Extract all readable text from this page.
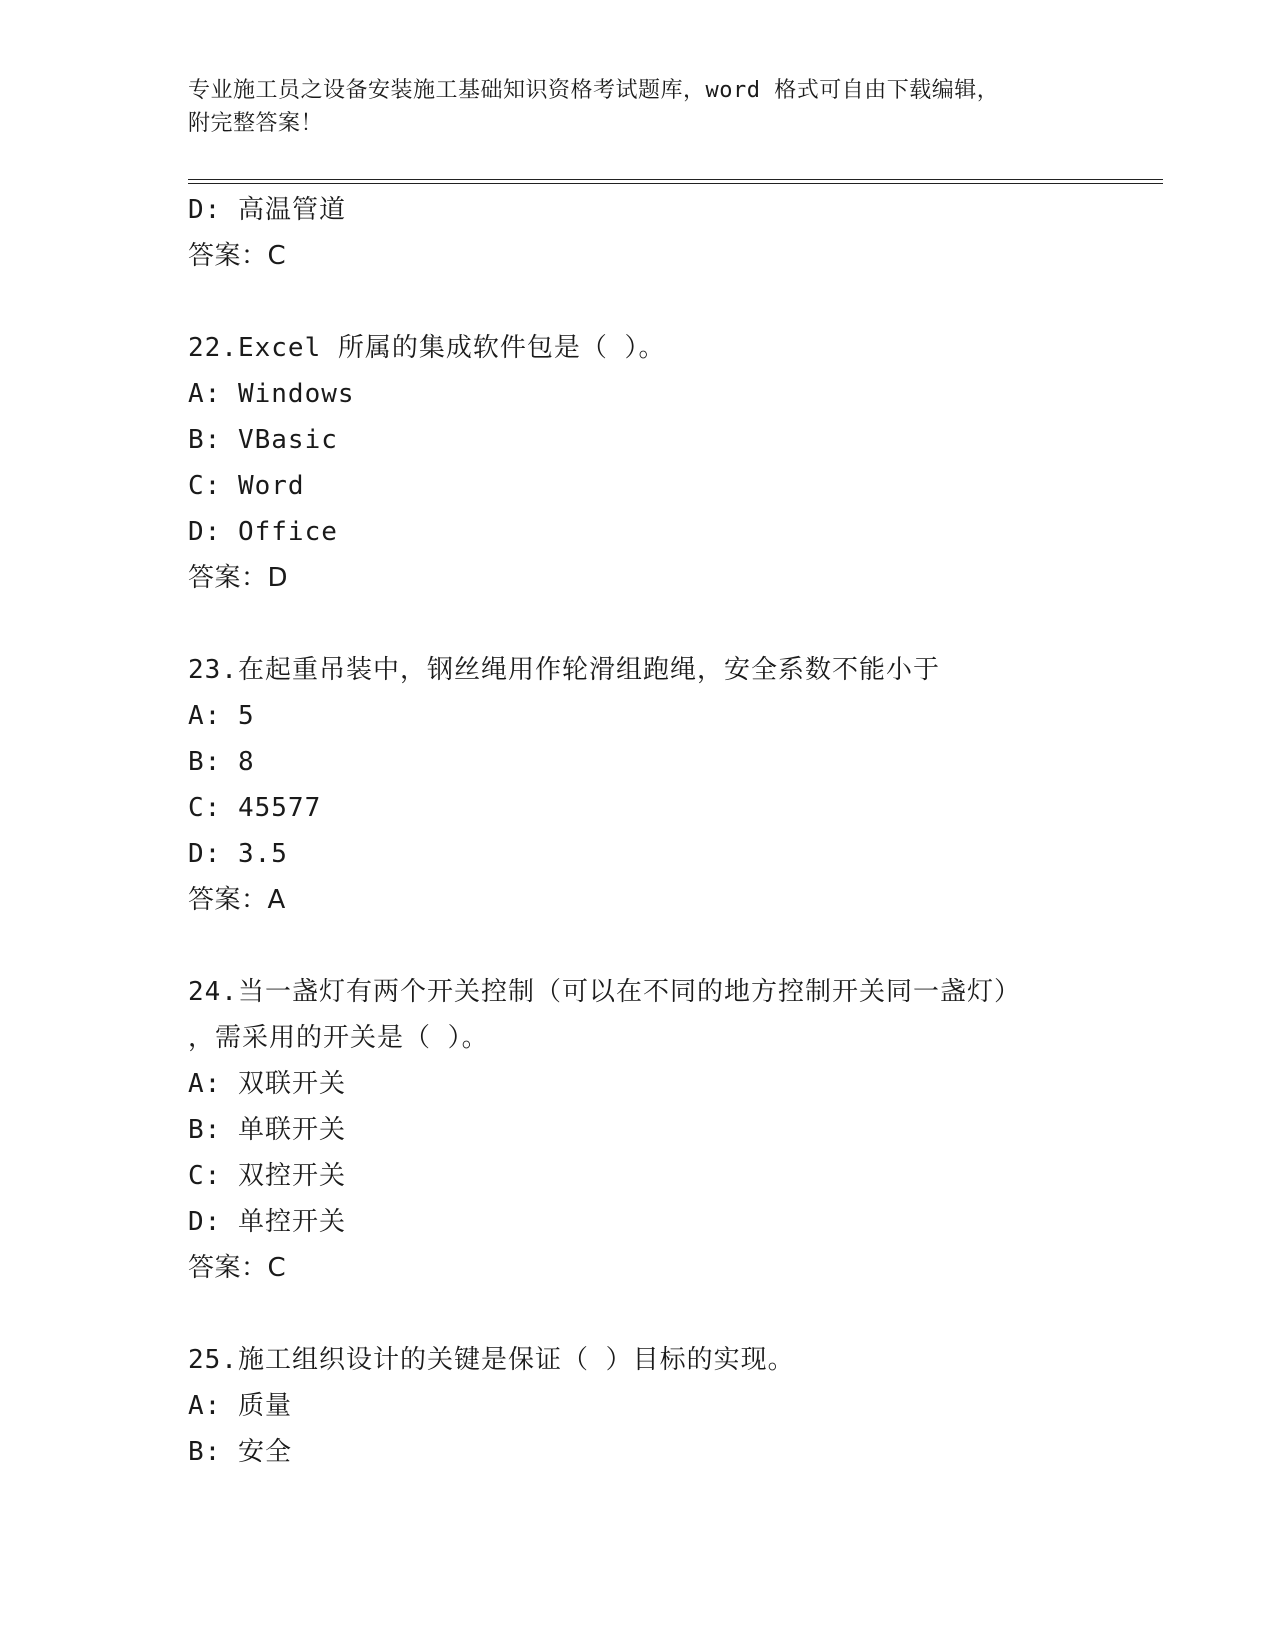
专业施工员之设备安装施工基础知识资格考试题库，word 格式可自由下载编辑，
附完整答案！
D: 高温管道
答案：C
22.Excel 所属的集成软件包是（ ）。
A: Windows
B: VBasic
C: Word
D: Office
答案：D
23.在起重吊装中，钢丝绳用作轮滑组跑绳，安全系数不能小于
A: 5
B: 8
C: 45577
D: 3.5
答案：A
24.当一盏灯有两个开关控制（可以在不同的地方控制开关同一盏灯）
，需采用的开关是（ ）。
A: 双联开关
B: 单联开关
C: 双控开关
D: 单控开关
答案：C
25.施工组织设计的关键是保证（ ）目标的实现。
A: 质量
B: 安全
